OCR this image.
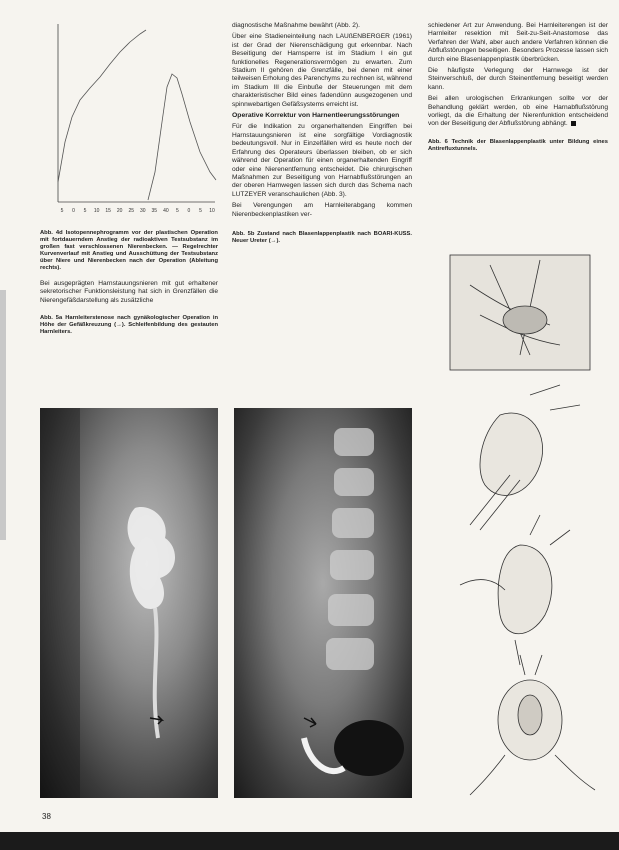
5 0 5 10 15 20 25 30 35 40 5 0 5 10

Abb. 4d Isotopennephrogramm vor der plastischen Operation mit fortdauerndem Anstieg der radioaktiven Testsubstanz im großen fast verschlossenen Nierenbecken. — Regelrechter Kurvenverlauf mit Anstieg und Ausschüttung der Testsubstanz über Niere und Nierenbecken nach der Operation (Ableitung rechts).

Bei ausgeprägten Harnstauungsnieren mit gut erhaltener sekretorischer Funktionsleistung hat sich in Grenzfällen die Nierengefäßdarstellung als zusätzliche

Abb. 5a Harnleiterstenose nach gynäkologischer Operation in Höhe der Gefäßkreuzung (→). Schleifenbildung des gestauten Harnleiters.

diagnostische Maßnahme bewährt (Abb. 2).

Über eine Stadieneinteilung nach LAUßENBERGER (1961) ist der Grad der Nierenschädigung gut erkennbar. Nach Beseitigung der Harnsperre ist im Stadium I ein gut funktionelles Regenerationsvermögen zu erwarten. Zum Stadium II gehören die Grenzfälle, bei denen mit einer teilweisen Erholung des Parenchyms zu rechnen ist, während im Stadium III die Einbuße der Steuerungen mit dem charakteristischer Bild eines fadendünn ausgezogenen und spinnwebartigen Gefäßsystems erreicht ist.

Operative Korrektur von Harnentleerungsstörungen

Für die Indikation zu organerhaltenden Eingriffen bei Harnstauungsnieren ist eine sorgfältige Vordiagnostik bedeutungsvoll. Nur in Einzelfällen wird es heute noch der Erfahrung des Operateurs überlassen bleiben, ob er sich während der Operation für einen organerhaltenden Eingriff oder eine Nierenentfernung entscheidet. Die chirurgischen Maßnahmen zur Beseitigung von Harnabflußstörungen an der oberen Harnwegen lassen sich durch das Schema nach LUTZEYER veranschaulichen (Abb. 3).

Bei Verengungen am Harnleiterabgang kommen Nierenbeckenplastiken ver-

Abb. 5b Zustand nach Blasenlappenplastik nach BOARI-KUSS. Neuer Ureter (→).

schiedener Art zur Anwendung. Bei Harnleiterengen ist der Harnleiter resektion mit Seit-zu-Seit-Anastomose das Verfahren der Wahl, aber auch andere Verfahren können die Abflußstörungen beseitigen. Besonders Prozesse lassen sich durch eine Blasenlappenplastik überbrücken.

Die häufigste Verlegung der Harnwege ist der Steinverschluß, der durch Steinentfernung beseitigt werden kann.

Bei allen urologischen Erkrankungen sollte vor der Behandlung geklärt werden, ob eine Harnabflußstörung vorliegt, da die Erhaltung der Nierenfunktion entscheidend von der Beseitigung der Abflußstörung abhängt.

Abb. 6 Technik der Blasenlappenplastik unter Bildung eines Antirefluxtunnels.

38
